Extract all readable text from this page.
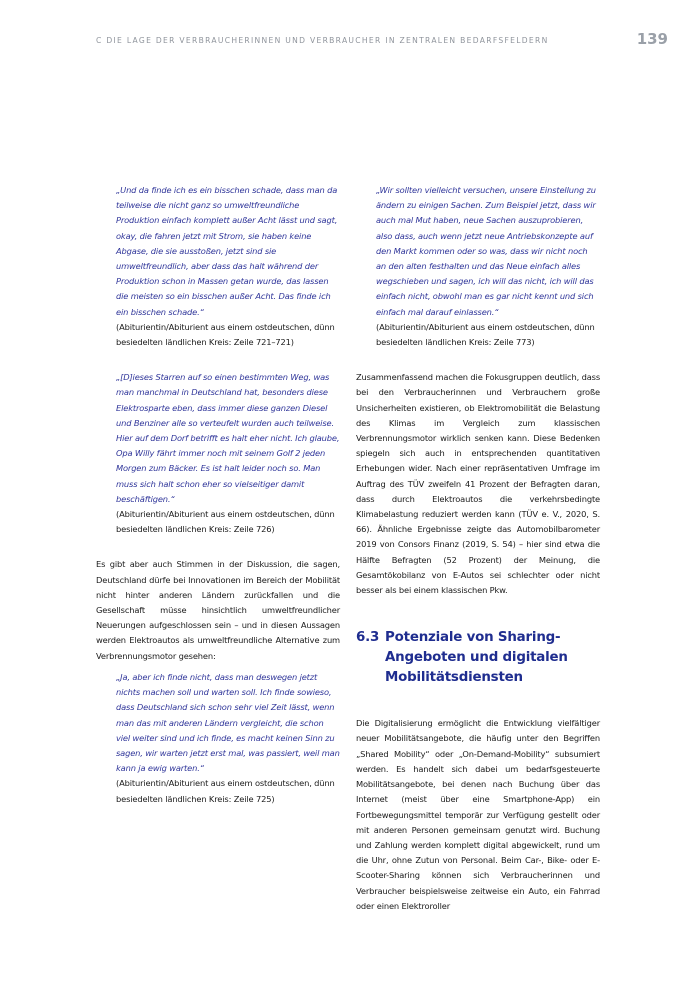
C DIE LAGE DER VERBRAUCHERINNEN UND VERBRAUCHER IN ZENTRALEN BEDARFSFELDERN	139

„Und da finde ich es ein bisschen schade, dass man da teilweise die nicht ganz so umweltfreundliche Produktion einfach komplett außer Acht lässt und sagt, okay, die fahren jetzt mit Strom, sie haben keine Abgase, die sie ausstoßen, jetzt sind sie umweltfreundlich, aber dass das halt während der Produktion schon in Massen getan wurde, das lassen die meisten so ein bisschen außer Acht. Das finde ich ein bisschen schade.“

(Abiturientin/Abiturient aus einem ostdeutschen, dünn besiedelten ländlichen Kreis: Zeile 721–721)

„[D]ieses Starren auf so einen bestimmten Weg, was man manchmal in Deutschland hat, besonders diese Elektrosparte eben, dass immer diese ganzen Diesel und Benziner alle so verteufelt wurden auch teilweise. Hier auf dem Dorf betrifft es halt eher nicht. Ich glaube, Opa Willy fährt immer noch mit seinem Golf 2 jeden Morgen zum Bäcker. Es ist halt leider noch so. Man muss sich halt schon eher so vielseitiger damit beschäftigen.“

(Abiturientin/Abiturient aus einem ostdeutschen, dünn besiedelten ländlichen Kreis: Zeile 726)

Es gibt aber auch Stimmen in der Diskussion, die sagen, Deutschland dürfe bei Innovationen im Bereich der Mobilität nicht hinter anderen Ländern zurückfallen und die Gesellschaft müsse hinsichtlich umweltfreundlicher Neuerungen aufgeschlossen sein – und in diesen Aussagen werden Elektroautos als umweltfreundliche Alternative zum Verbrennungsmotor gesehen:

„Ja, aber ich finde nicht, dass man deswegen jetzt nichts machen soll und warten soll. Ich finde sowieso, dass Deutschland sich schon sehr viel Zeit lässt, wenn man das mit anderen Ländern vergleicht, die schon viel weiter sind und ich finde, es macht keinen Sinn zu sagen, wir warten jetzt erst mal, was passiert, weil man kann ja ewig warten.“

(Abiturientin/Abiturient aus einem ostdeutschen, dünn besiedelten ländlichen Kreis: Zeile 725)

„Wir sollten vielleicht versuchen, unsere Einstellung zu ändern zu einigen Sachen. Zum Beispiel jetzt, dass wir auch mal Mut haben, neue Sachen auszuprobieren, also dass, auch wenn jetzt neue Antriebskonzepte auf den Markt kommen oder so was, dass wir nicht noch an den alten festhalten und das Neue einfach alles wegschieben und sagen, ich will das nicht, ich will das einfach nicht, obwohl man es gar nicht kennt und sich einfach mal darauf einlassen.“

(Abiturientin/Abiturient aus einem ostdeutschen, dünn besiedelten ländlichen Kreis: Zeile 773)

Zusammenfassend machen die Fokusgruppen deutlich, dass bei den Verbraucherinnen und Verbrauchern große Unsicherheiten existieren, ob Elektromobilität die Belastung des Klimas im Vergleich zum klassischen Verbrennungsmotor wirklich senken kann. Diese Bedenken spiegeln sich auch in entsprechenden quantitativen Erhebungen wider. Nach einer repräsentativen Umfrage im Auftrag des TÜV zweifeln 41 Prozent der Befragten daran, dass durch Elektroautos die verkehrsbedingte Klimabelastung reduziert werden kann (TÜV e. V., 2020, S. 66). Ähnliche Ergebnisse zeigte das Automobilbarometer 2019 von Consors Finanz (2019, S. 54) – hier sind etwa die Hälfte Befragten (52 Prozent) der Meinung, die Gesamtökobilanz von E-Autos sei schlechter oder nicht besser als bei einem klassischen Pkw.

6.3 Potenziale von Sharing-Angeboten und digitalen Mobilitätsdiensten

Die Digitalisierung ermöglicht die Entwicklung vielfältiger neuer Mobilitätsangebote, die häufig unter den Begriffen „Shared Mobility“ oder „On-Demand-Mobility“ subsumiert werden. Es handelt sich dabei um bedarfsgesteuerte Mobilitätsangebote, bei denen nach Buchung über das Internet (meist über eine Smartphone-App) ein Fortbewegungsmittel temporär zur Verfügung gestellt oder mit anderen Personen gemeinsam genutzt wird. Buchung und Zahlung werden komplett digital abgewickelt, rund um die Uhr, ohne Zutun von Personal. Beim Car-, Bike- oder E-Scooter-Sharing können sich Verbraucherinnen und Verbraucher beispielsweise zeitweise ein Auto, ein Fahrrad oder einen Elektroroller
